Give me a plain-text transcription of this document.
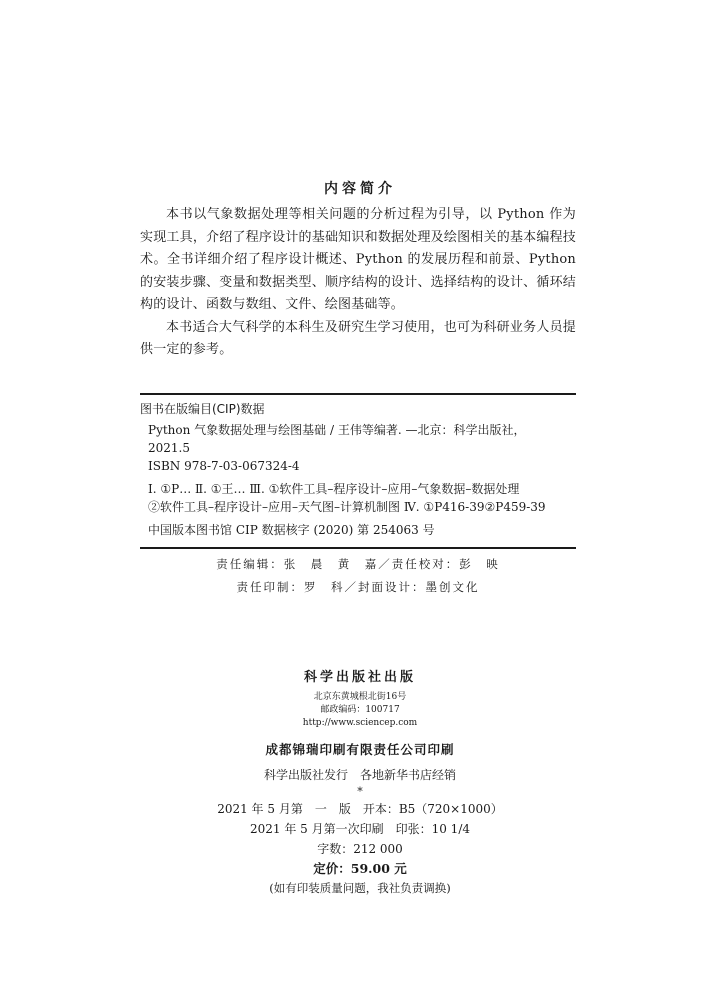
内容简介

本书以气象数据处理等相关问题的分析过程为引导，以 Python 作为实现工具，介绍了程序设计的基础知识和数据处理及绘图相关的基本编程技术。全书详细介绍了程序设计概述、Python 的发展历程和前景、Python 的安装步骤、变量和数据类型、顺序结构的设计、选择结构的设计、循环结构的设计、函数与数组、文件、绘图基础等。

本书适合大气科学的本科生及研究生学习使用，也可为科研业务人员提供一定的参考。

图书在版编目(CIP)数据

Python 气象数据处理与绘图基础 / 王伟等编著. —北京：科学出版社，

2021.5

ISBN 978-7-03-067324-4

Ⅰ. ①P… Ⅱ. ①王… Ⅲ. ①软件工具–程序设计–应用–气象数据–数据处理

②软件工具–程序设计–应用–天气图–计算机制图 Ⅳ. ①P416-39②P459-39

中国版本图书馆 CIP 数据核字 (2020) 第 254063 号

责任编辑：张　晨　黄　嘉／责任校对：彭　映
责任印制：罗　科／封面设计：墨创文化

科学出版社出版

北京东黄城根北街16号

邮政编码：100717

http://www.sciencep.com

成都锦瑞印刷有限责任公司印刷

科学出版社发行　各地新华书店经销

*

2021 年 5 月第　一　版　开本：B5（720×1000）

2021 年 5 月第一次印刷　印张：10 1/4

字数：212 000

定价：59.00 元

(如有印装质量问题，我社负责调换)
